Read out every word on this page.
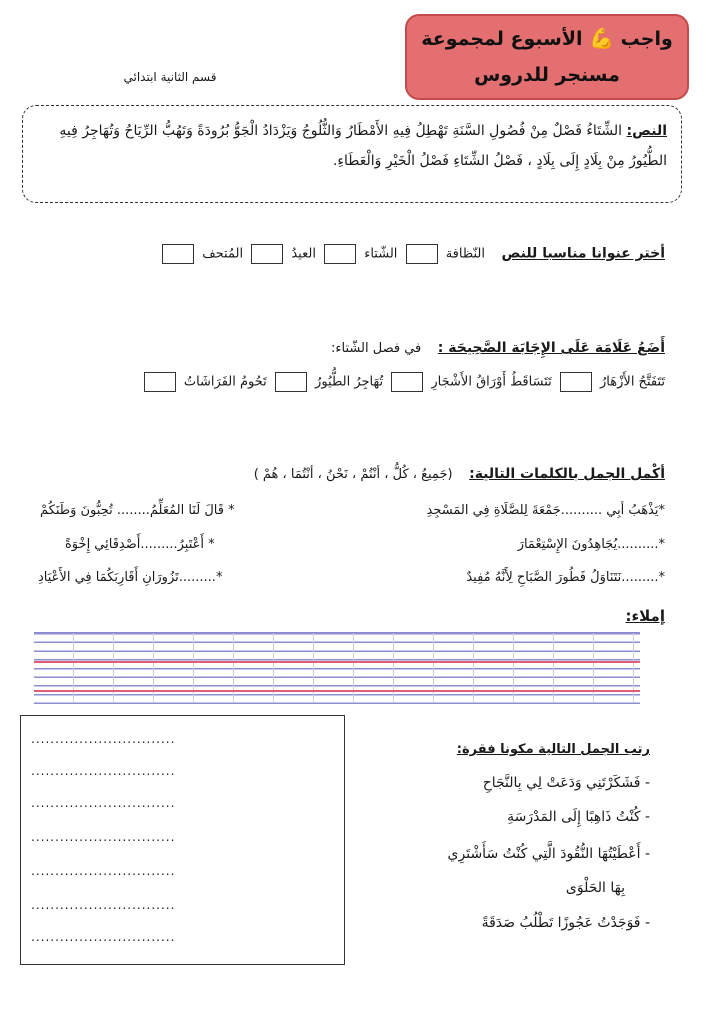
واجب 💪 الأسبوع لمجموعة
مسنجر للدروس
قسم الثانية ابتدائي
النص: الشِّتَاءُ فَصْلٌ مِنْ فُصُولِ السَّنَةِ تَهْطِلُ فِيهِ الأَمْطَارُ وَالثُّلُوجُ وَيَزْدَادُ الْجَوُّ بُرُودَةً وَتَهُبُّ الرِّيَاحُ وَتُهَاجِرُ فِيهِ الطُّيُورُ مِنْ بِلَادٍ إِلَى بِلَادٍ ، فَصْلُ الشِّتَاءِ فَصْلُ الْخَيْرِ وَالْعَطَاءِ.
أختر عنوانا مناسبا للنص    النّظافة  الشّتاء  العيدُ  المُتحف
أَضَعُ عَلَامَة عَلَى الإِجَابَة الصَّحِيحَة :    في فصل الشّتاء:
تَتَفَتَّحُ الأَزْهَارُ  تَتَسَاقَطُ أَوْرَاقُ الأَشْجَارِ  تُهَاجِرُ الطُّيُورُ  تَحُومُ الفَرَاشَاتُ
أكْمل الجمل بالكلمات التالية:    (جَمِيعُ ، كُلُّ ، أنْتُمْ ، نَحْنُ ، أنْتُمَا ، هُمْ )
*يَذْهَبُ أبِي ..........جَمْعَةَ لِلصَّلَاةِ فِي المَسْجِدِ
* قَالَ لَنَا المُعَلِّمُ........ تُحِبُّونَ وَطَنَكُمْ
*..........يُجَاهِدُونَ الإِسْتِعْمَارَ
* أَعْتَبِرُ.........أَصْدِقَائِي إِخْوَةً
*.........نَتَنَاوَلُ فَطُورَ الصَّبَاحِ لِأَنَّهُ مُفِيدٌ
*.........تَزُورَانِ أَقَارِبَكُمَا فِي الأَعْيَادِ
إملاء:
رتب الجمل التالية مكونا فقرة:
- فَشَكَرْتَنِي وَدَعَتْ لِي بِالنَّجَاحِ
- كُنْتُ ذَاهِبًا إِلَى المَدْرَسَةِ
- أَعْطَيْتُهَا النُّقُودَ الَّتِي كُنْتُ سَأَشْتَرِي
بِهَا الحَلْوَى
- فَوَجَدْتُ عَجُوزًا تَطْلُبُ صَدَقَةً
..............................
..............................
..............................
..............................
..............................
..............................
..............................
